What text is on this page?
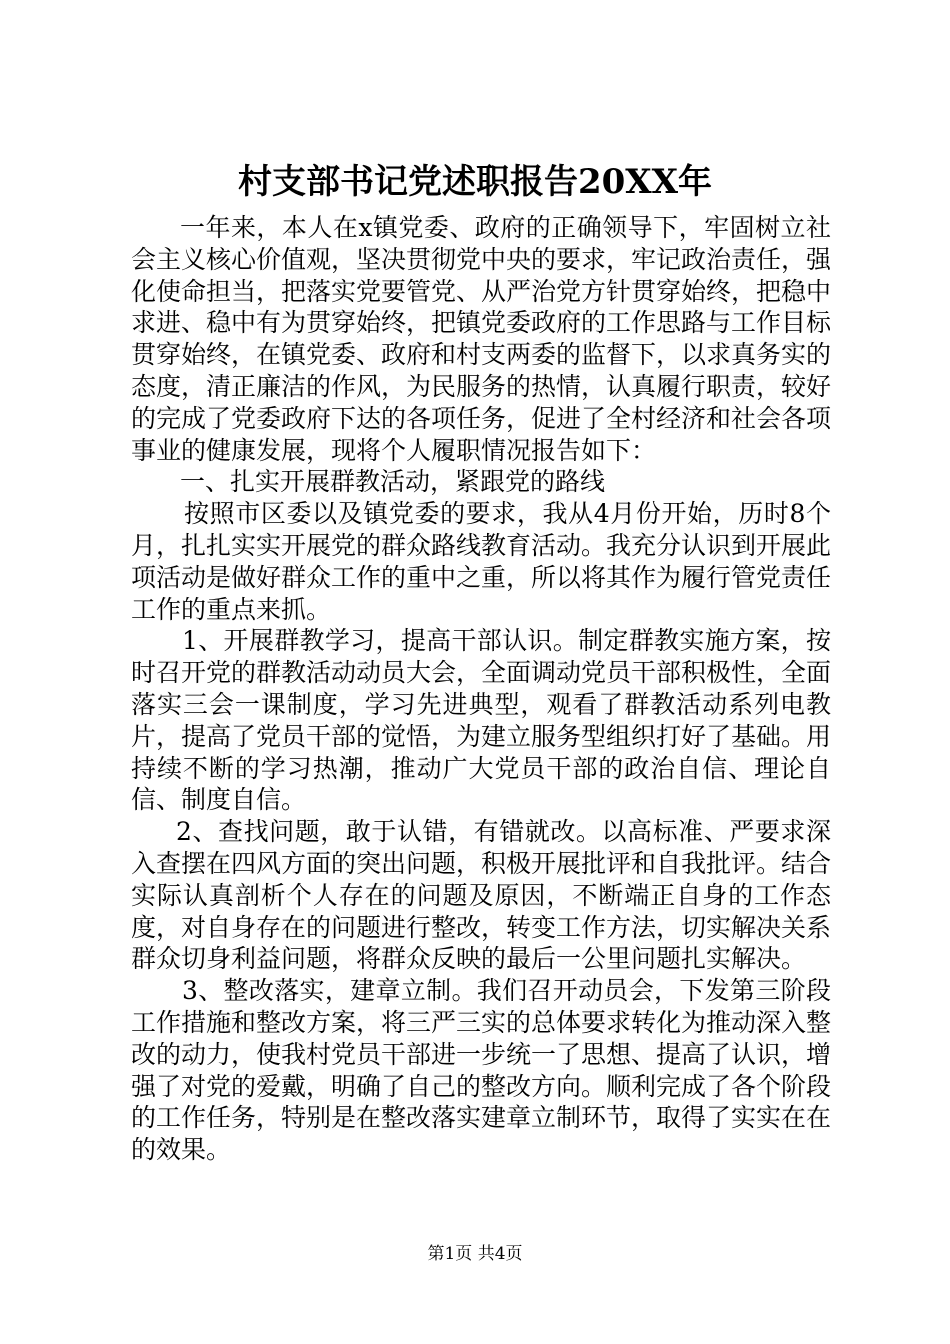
村支部书记党述职报告20XX年

一年来，本人在x镇党委、政府的正确领导下，牢固树立社会主义核心价值观，坚决贯彻党中央的要求，牢记政治责任，强化使命担当，把落实党要管党、从严治党方针贯穿始终，把稳中求进、稳中有为贯穿始终，把镇党委政府的工作思路与工作目标贯穿始终，在镇党委、政府和村支两委的监督下，以求真务实的态度，清正廉洁的作风，为民服务的热情，认真履行职责，较好的完成了党委政府下达的各项任务，促进了全村经济和社会各项事业的健康发展，现将个人履职情况报告如下：

一、扎实开展群教活动，紧跟党的路线

按照市区委以及镇党委的要求，我从4月份开始，历时8个月，扎扎实实开展党的群众路线教育活动。我充分认识到开展此项活动是做好群众工作的重中之重，所以将其作为履行管党责任工作的重点来抓。

1、开展群教学习，提高干部认识。制定群教实施方案，按时召开党的群教活动动员大会，全面调动党员干部积极性，全面落实三会一课制度，学习先进典型，观看了群教活动系列电教片，提高了党员干部的觉悟，为建立服务型组织打好了基础。用持续不断的学习热潮，推动广大党员干部的政治自信、理论自信、制度自信。

2、查找问题，敢于认错，有错就改。以高标准、严要求深入查摆在四风方面的突出问题，积极开展批评和自我批评。结合实际认真剖析个人存在的问题及原因，不断端正自身的工作态度，对自身存在的问题进行整改，转变工作方法，切实解决关系群众切身利益问题，将群众反映的最后一公里问题扎实解决。

3、整改落实，建章立制。我们召开动员会，下发第三阶段工作措施和整改方案，将三严三实的总体要求转化为推动深入整改的动力，使我村党员干部进一步统一了思想、提高了认识，增强了对党的爱戴，明确了自己的整改方向。顺利完成了各个阶段的工作任务，特别是在整改落实建章立制环节，取得了实实在在的效果。

第1页 共4页
